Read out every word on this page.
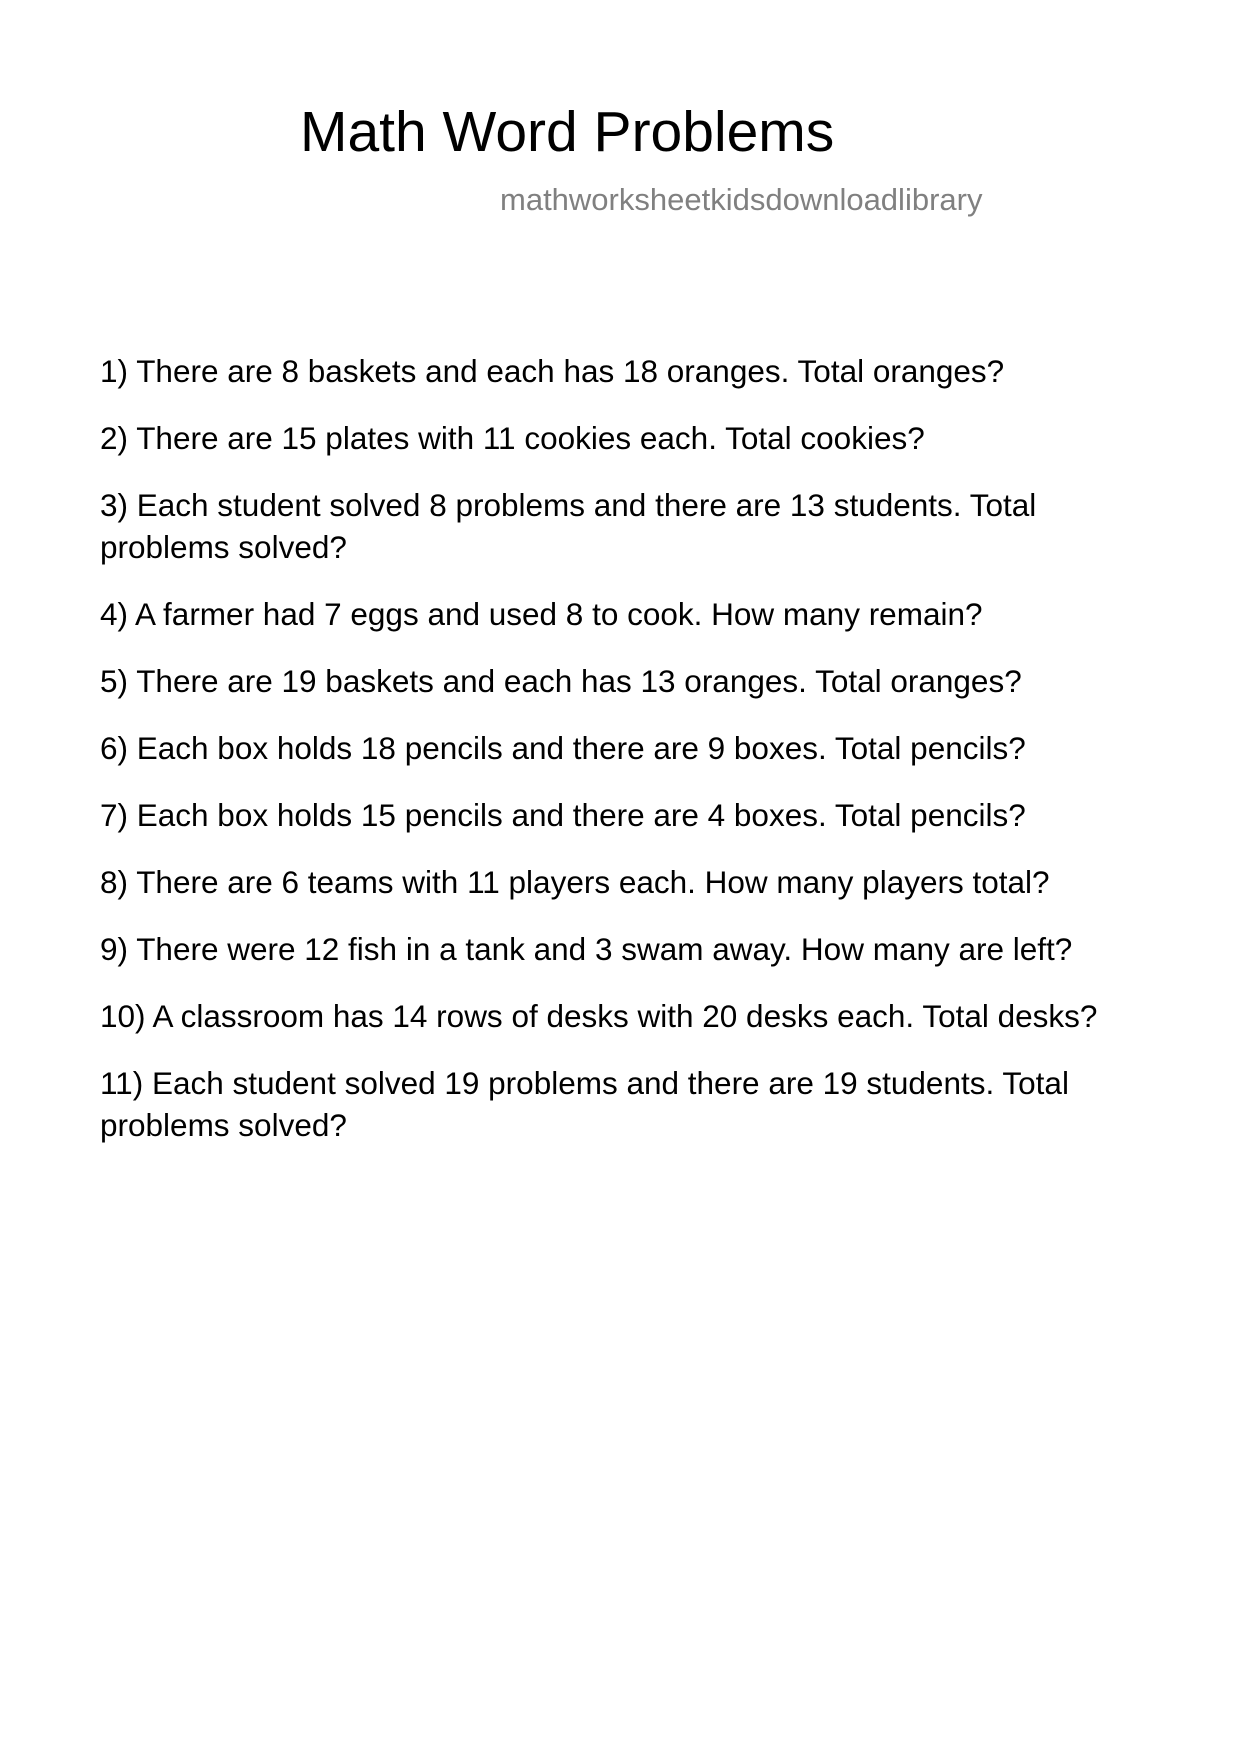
Math Word Problems
mathworksheetkidsdownloadlibrary
1) There are 8 baskets and each has 18 oranges. Total oranges?
2) There are 15 plates with 11 cookies each. Total cookies?
3) Each student solved 8 problems and there are 13 students. Total problems solved?
4) A farmer had 7 eggs and used 8 to cook. How many remain?
5) There are 19 baskets and each has 13 oranges. Total oranges?
6) Each box holds 18 pencils and there are 9 boxes. Total pencils?
7) Each box holds 15 pencils and there are 4 boxes. Total pencils?
8) There are 6 teams with 11 players each. How many players total?
9) There were 12 fish in a tank and 3 swam away. How many are left?
10) A classroom has 14 rows of desks with 20 desks each. Total desks?
11) Each student solved 19 problems and there are 19 students. Total problems solved?
